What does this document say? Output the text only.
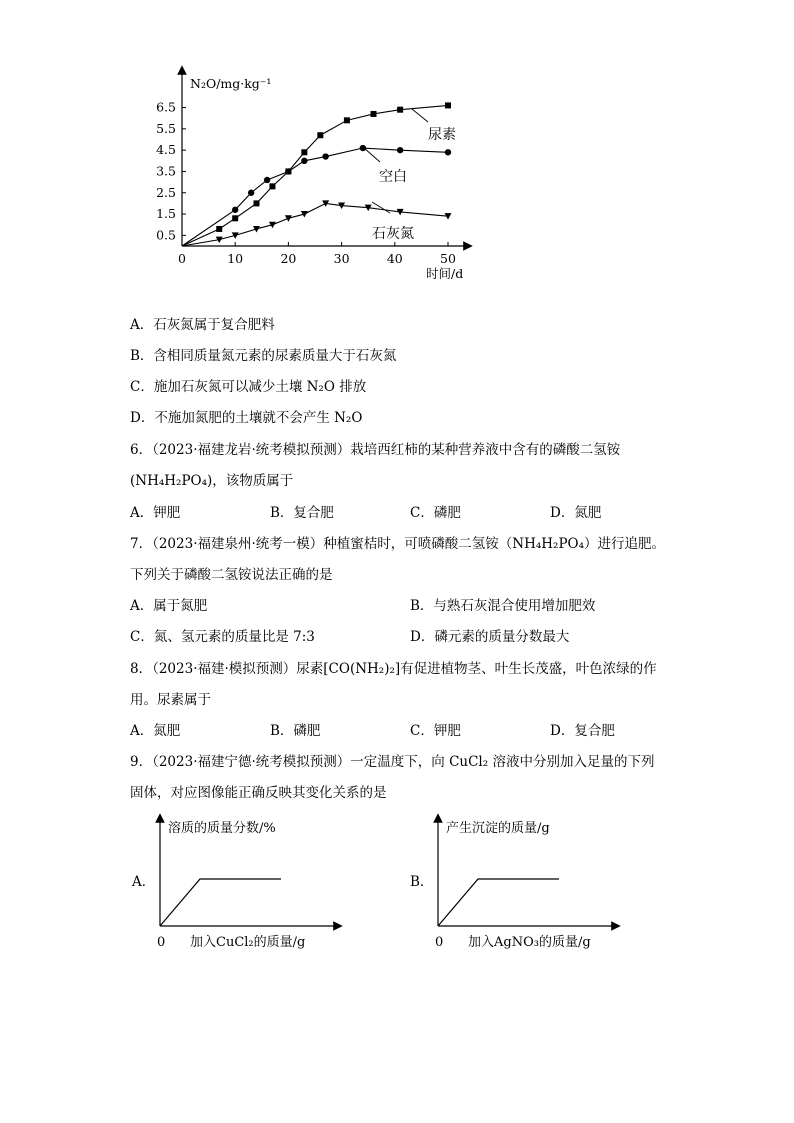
N₂O/mg·kg⁻¹
时间/d
0	10	20	30	40	50
0.5
1.5
2.5
3.5
4.5
5.5
6.5
尿素
空白
石灰氮
A．石灰氮属于复合肥料
B．含相同质量氮元素的尿素质量大于石灰氮
C．施加石灰氮可以减少土壤 N₂O 排放
D．不施加氮肥的土壤就不会产生 N₂O
6．（2023·福建龙岩·统考模拟预测）栽培西红柿的某种营养液中含有的磷酸二氢铵
(NH₄H₂PO₄)，该物质属于
A．钾肥	B．复合肥	C．磷肥	D．氮肥
7．（2023·福建泉州·统考一模）种植蜜桔时，可喷磷酸二氢铵（NH₄H₂PO₄）进行追肥。
下列关于磷酸二氢铵说法正确的是
A．属于氮肥	B．与熟石灰混合使用增加肥效
C．氮、氢元素的质量比是 7:3	D．磷元素的质量分数最大
8．（2023·福建·模拟预测）尿素[CO(NH₂)₂]有促进植物茎、叶生长茂盛，叶色浓绿的作
用。尿素属于
A．氮肥	B．磷肥	C．钾肥	D．复合肥
9．（2023·福建宁德·统考模拟预测）一定温度下，向 CuCl₂ 溶液中分别加入足量的下列
固体，对应图像能正确反映其变化关系的是
A．
溶质的质量分数/%
0 加入CuCl₂的质量/g
B．
产生沉淀的质量/g
0 加入AgNO₃的质量/g
